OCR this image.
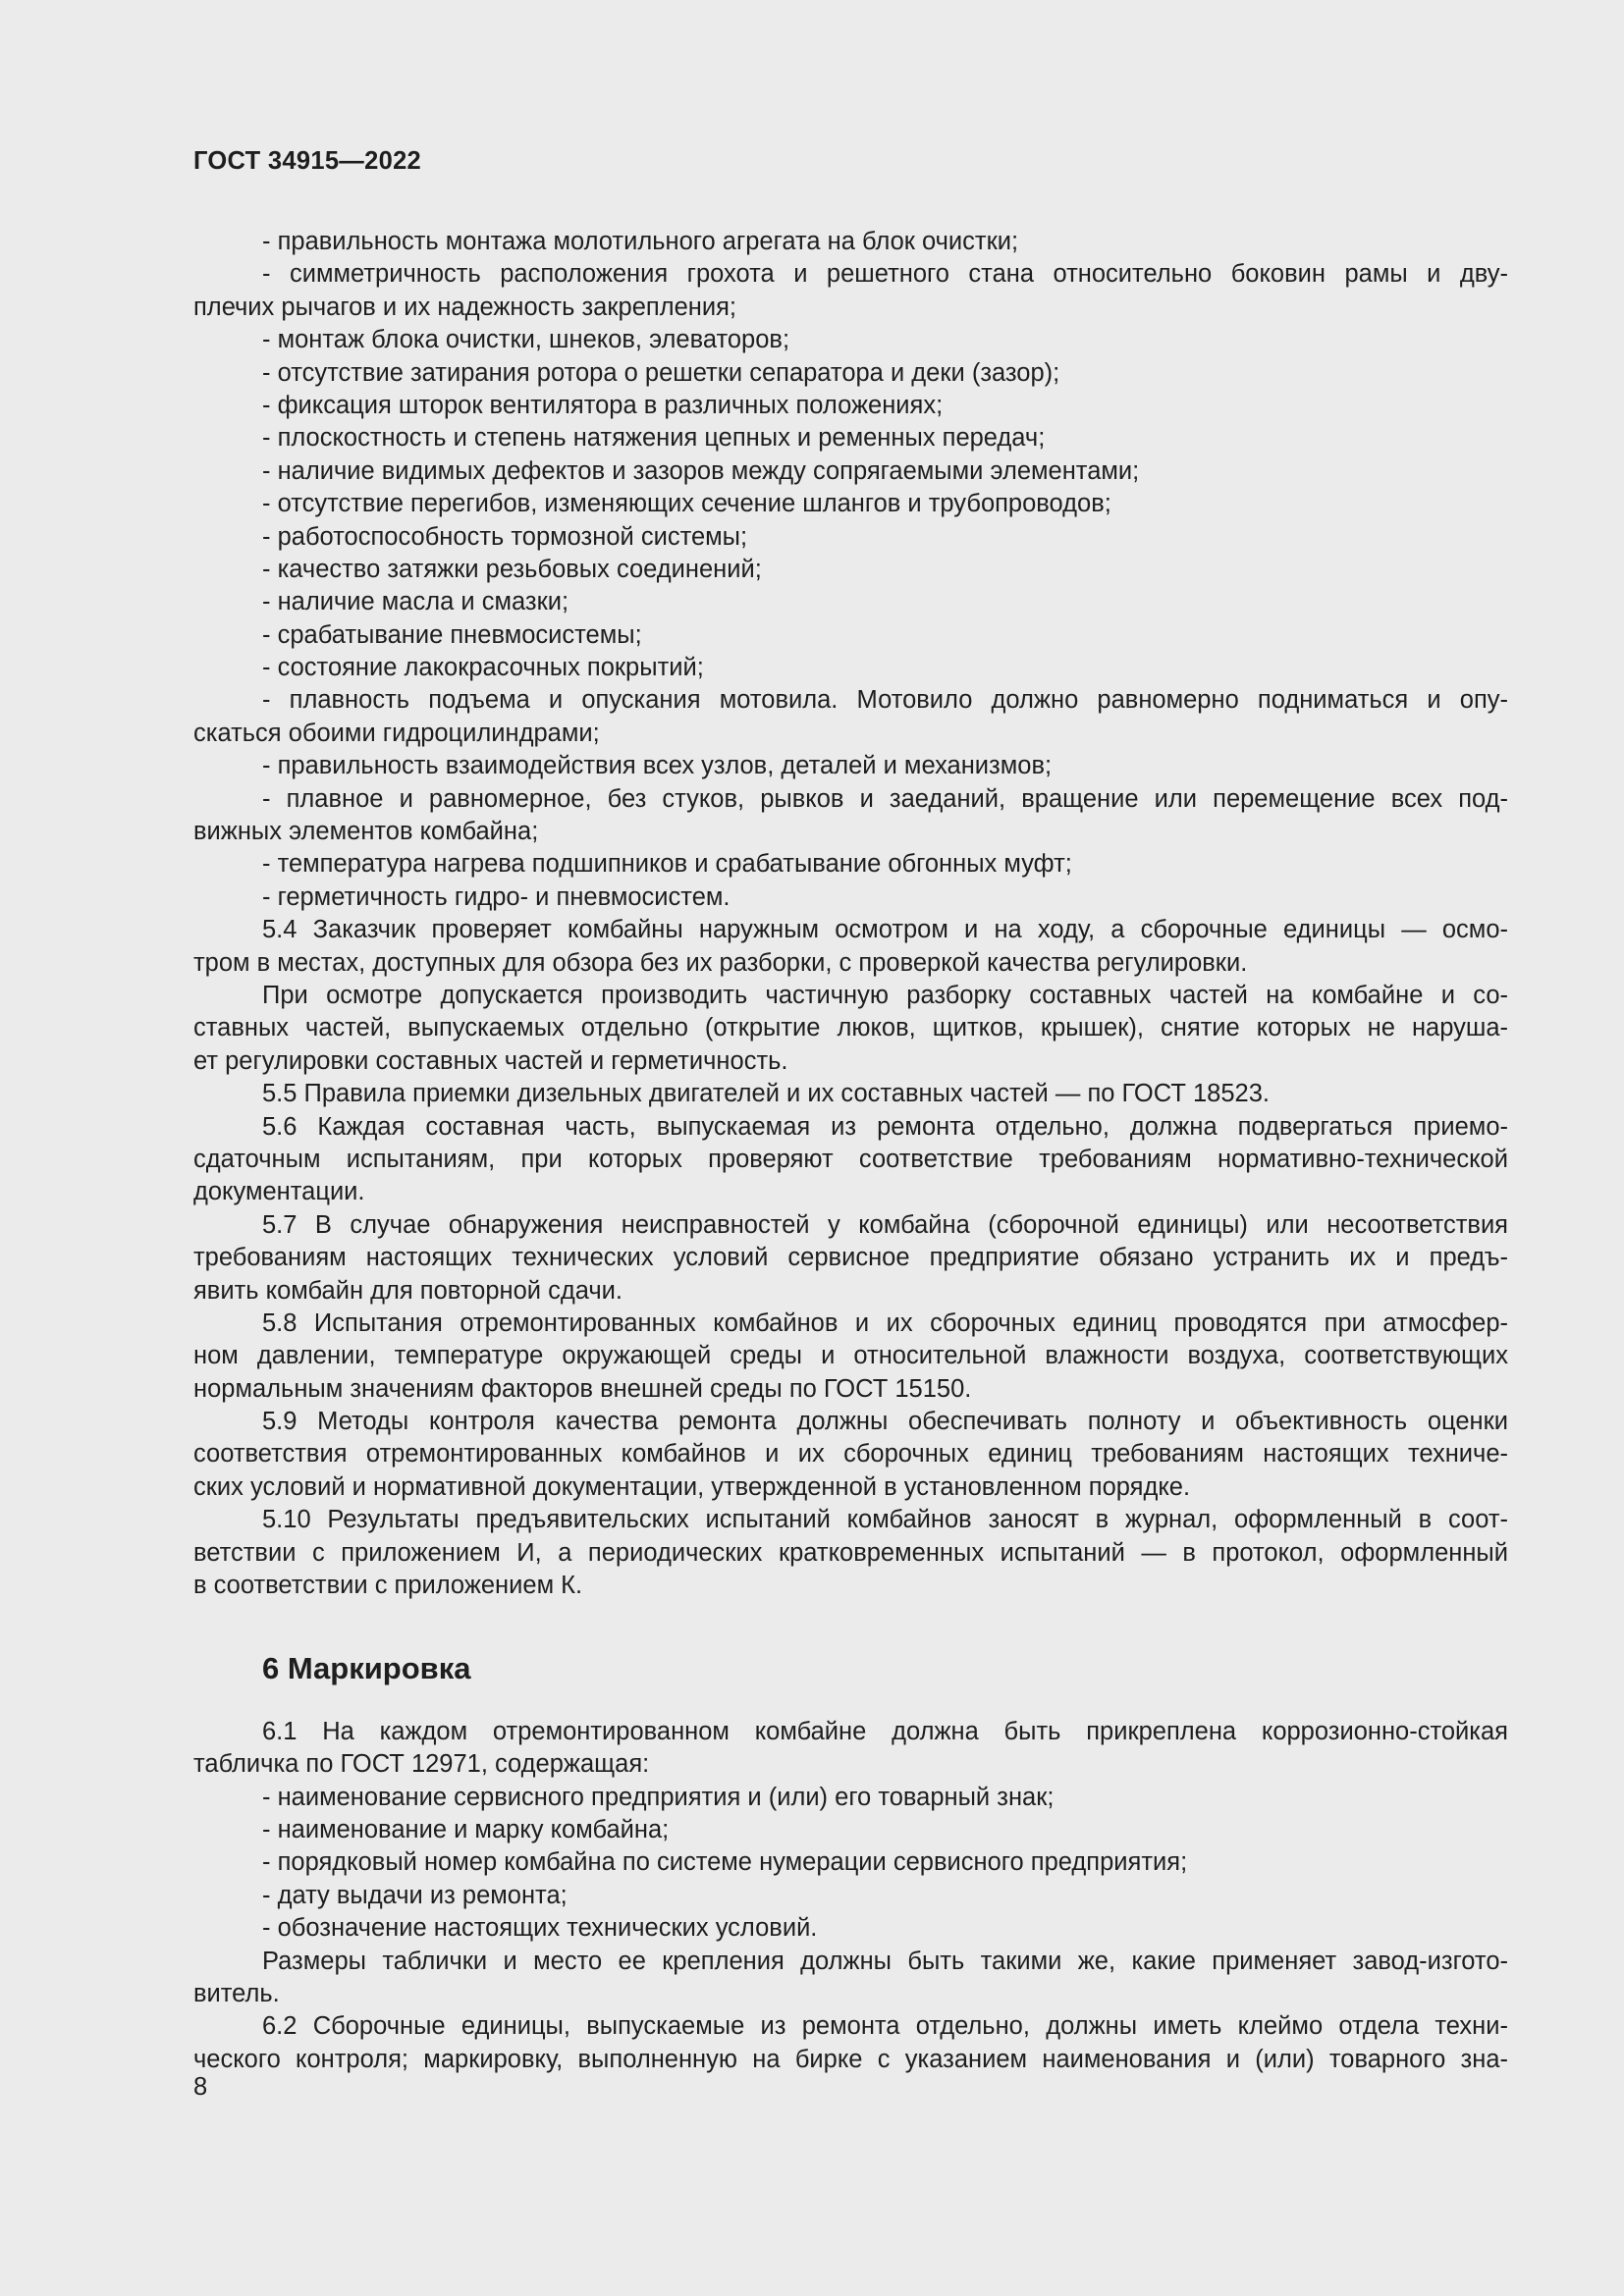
ГОСТ 34915—2022
- правильность монтажа молотильного агрегата на блок очистки;
- симметричность расположения грохота и решетного стана относительно боковин рамы и дву-
плечих рычагов и их надежность закрепления;
- монтаж блока очистки, шнеков, элеваторов;
- отсутствие затирания ротора о решетки сепаратора и деки (зазор);
- фиксация шторок вентилятора в различных положениях;
- плоскостность и степень натяжения цепных и ременных передач;
- наличие видимых дефектов и зазоров между сопрягаемыми элементами;
- отсутствие перегибов, изменяющих сечение шлангов и трубопроводов;
- работоспособность тормозной системы;
- качество затяжки резьбовых соединений;
- наличие масла и смазки;
- срабатывание пневмосистемы;
- состояние лакокрасочных покрытий;
- плавность подъема и опускания мотовила. Мотовило должно равномерно подниматься и опу-
скаться обоими гидроцилиндрами;
- правильность взаимодействия всех узлов, деталей и механизмов;
- плавное и равномерное, без стуков, рывков и заеданий, вращение или перемещение всех под-
вижных элементов комбайна;
- температура нагрева подшипников и срабатывание обгонных муфт;
- герметичность гидро- и пневмосистем.
5.4 Заказчик проверяет комбайны наружным осмотром и на ходу, а сборочные единицы — осмо-
тром в местах, доступных для обзора без их разборки, с проверкой качества регулировки.
При осмотре допускается производить частичную разборку составных частей на комбайне и со-
ставных частей, выпускаемых отдельно (открытие люков, щитков, крышек), снятие которых не наруша-
ет регулировки составных частей и герметичность.
5.5 Правила приемки дизельных двигателей и их составных частей — по ГОСТ 18523.
5.6 Каждая составная часть, выпускаемая из ремонта отдельно, должна подвергаться приемо-
сдаточным испытаниям, при которых проверяют соответствие требованиям нормативно-технической
документации.
5.7 В случае обнаружения неисправностей у комбайна (сборочной единицы) или несоответствия
требованиям настоящих технических условий сервисное предприятие обязано устранить их и предъ-
явить комбайн для повторной сдачи.
5.8 Испытания отремонтированных комбайнов и их сборочных единиц проводятся при атмосфер-
ном давлении, температуре окружающей среды и относительной влажности воздуха, соответствующих
нормальным значениям факторов внешней среды по ГОСТ 15150.
5.9 Методы контроля качества ремонта должны обеспечивать полноту и объективность оценки
соответствия отремонтированных комбайнов и их сборочных единиц требованиям настоящих техниче-
ских условий и нормативной документации, утвержденной в установленном порядке.
5.10 Результаты предъявительских испытаний комбайнов заносят в журнал, оформленный в соот-
ветствии с приложением И, а периодических кратковременных испытаний — в протокол, оформленный
в соответствии с приложением К.
6 Маркировка
6.1 На каждом отремонтированном комбайне должна быть прикреплена коррозионно-стойкая
табличка по ГОСТ 12971, содержащая:
- наименование сервисного предприятия и (или) его товарный знак;
- наименование и марку комбайна;
- порядковый номер комбайна по системе нумерации сервисного предприятия;
- дату выдачи из ремонта;
- обозначение настоящих технических условий.
Размеры таблички и место ее крепления должны быть такими же, какие применяет завод-изгото-
витель.
6.2 Сборочные единицы, выпускаемые из ремонта отдельно, должны иметь клеймо отдела техни-
ческого контроля; маркировку, выполненную на бирке с указанием наименования и (или) товарного зна-
8
